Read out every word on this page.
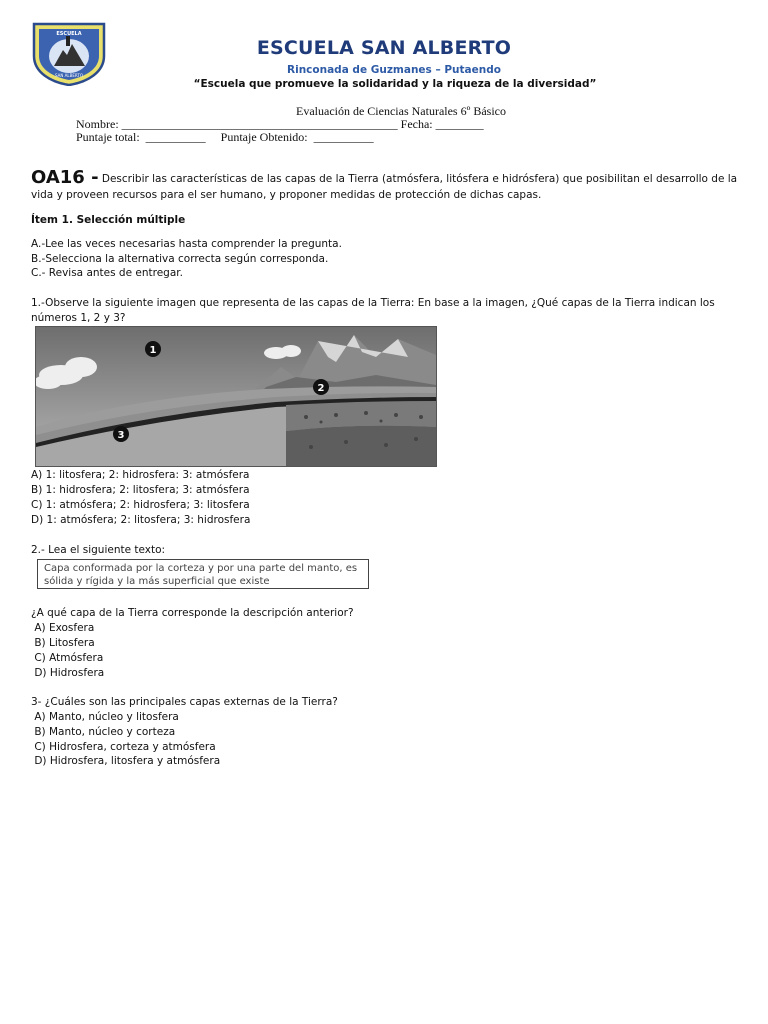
ESCUELA
SAN ALBERTO
ESCUELA SAN ALBERTO
Rinconada de Guzmanes – Putaendo
“Escuela que promueve la solidaridad y la riqueza de la diversidad”
Evaluación de Ciencias Naturales 6º Básico
Nombre: ______________________________________________ Fecha: ________
Puntaje total:  __________     Puntaje Obtenido:  __________
OA16 - Describir las características de las capas de la Tierra (atmósfera, litósfera e hidrósfera) que posibilitan el desarrollo de la vida y proveen recursos para el ser humano, y proponer medidas de protección de dichas capas.
Ítem 1. Selección múltiple
A.-Lee las veces necesarias hasta comprender la pregunta.
B.-Selecciona la alternativa correcta según corresponda.
C.- Revisa antes de entregar.
1.-Observe la siguiente imagen que representa de las capas de la Tierra: En base a la imagen, ¿Qué capas de la Tierra indican los números 1, 2 y 3?
1
2
3
A) 1: litosfera; 2: hidrosfera: 3: atmósfera
B) 1: hidrosfera; 2: litosfera; 3: atmósfera
C) 1: atmósfera; 2: hidrosfera; 3: litosfera
D) 1: atmósfera; 2: litosfera; 3: hidrosfera
2.- Lea el siguiente texto:
Capa conformada por la corteza y por una parte del manto, es sólida y rígida y la más superficial que existe
¿A qué capa de la Tierra corresponde la descripción anterior?
A) Exosfera
B) Litosfera
C) Atmósfera
D) Hidrosfera
3- ¿Cuáles son las principales capas externas de la Tierra?
A) Manto, núcleo y litosfera
B) Manto, núcleo y corteza
C) Hidrosfera, corteza y atmósfera
D) Hidrosfera, litosfera y atmósfera
